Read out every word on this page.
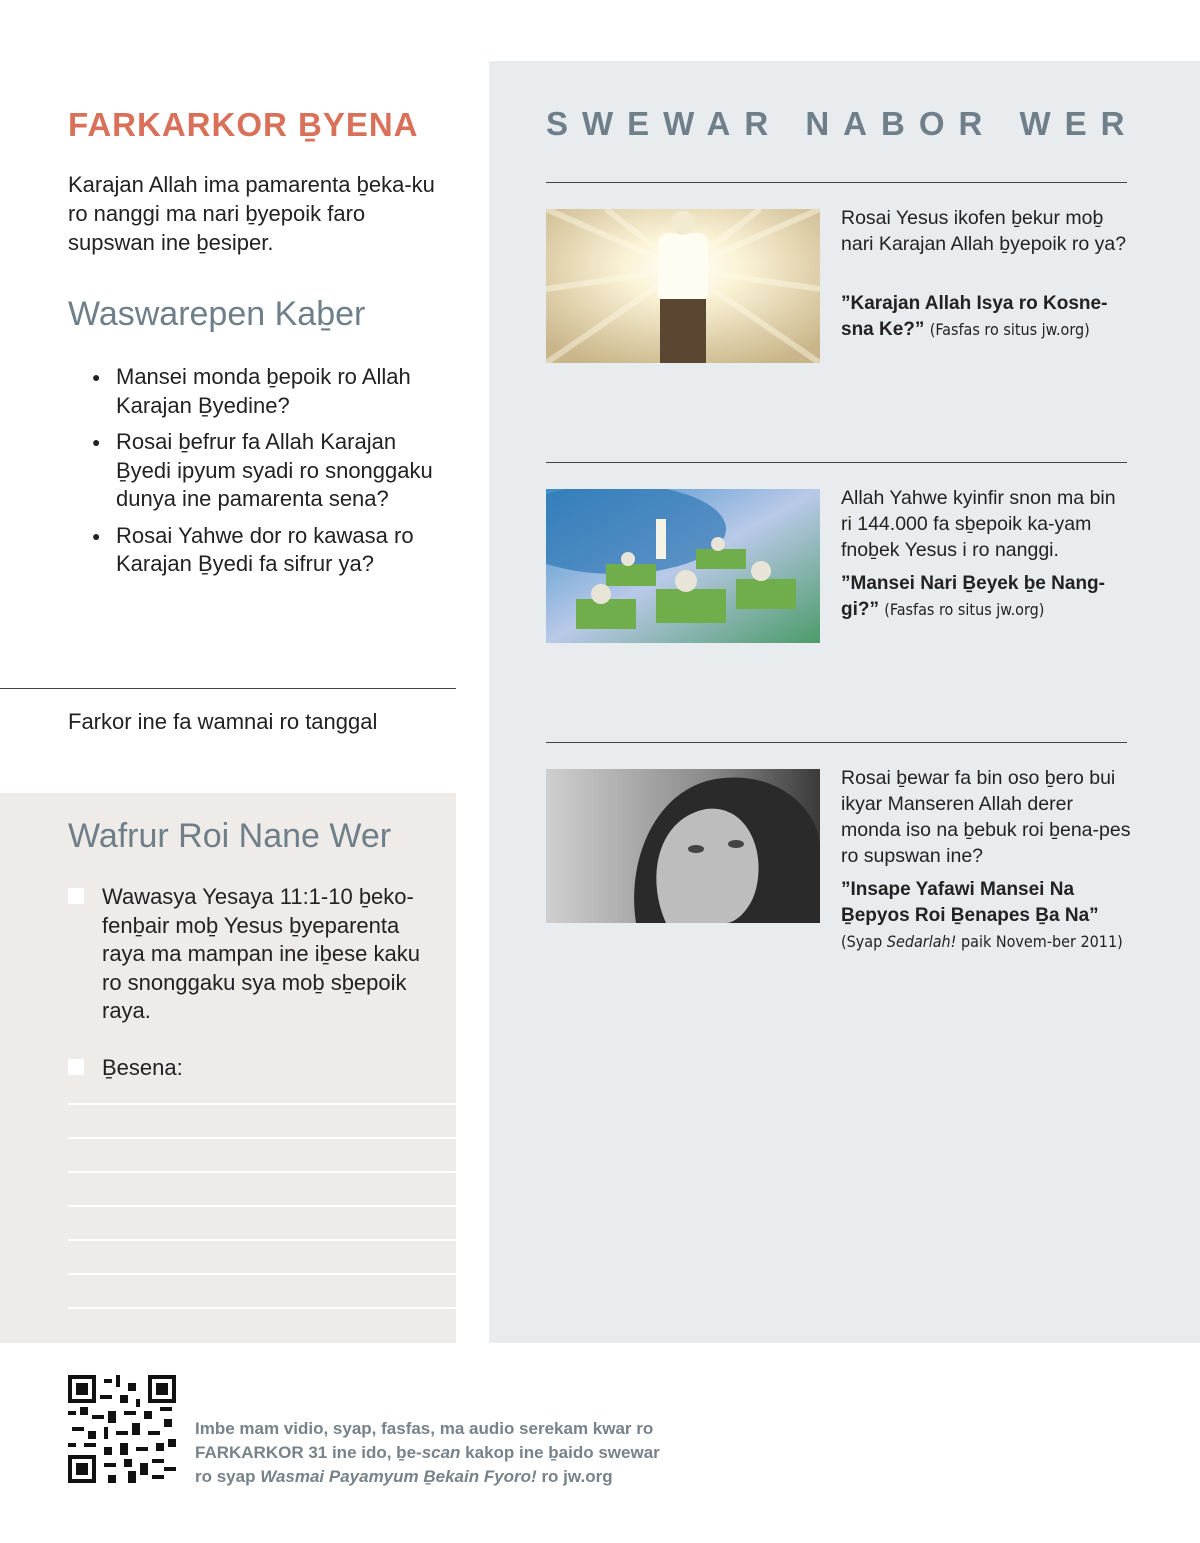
FARKARKOR ḆYENA

Karajan Allah ima pamarenta ḇeka-ku ro nanggi ma nari ḇyepoik faro supswan ine ḇesiper.

Waswarepen Kaḇer
● Mansei monda ḇepoik ro Allah Karajan Ḇyedine?
● Rosai ḇefrur fa Allah Karajan Ḇyedi ipyum syadi ro snonggaku dunya ine pamarenta sena?
● Rosai Yahwe dor ro kawasa ro Karajan Ḇyedi fa sifrur ya?

Farkor ine fa wamnai ro tanggal

Wafrur Roi Nane Wer
Wawasya Yesaya 11:1-10 ḇeko-fenḇair moḇ Yesus ḇyeparenta raya ma mampan ine iḇese kaku ro snonggaku sya moḇ sḇepoik raya.
Ḇesena:
SWEWAR NABOR WER

Rosai Yesus ikofen ḇekur moḇ nari Karajan Allah ḇyepoik ro ya?

”Karajan Allah Isya ro Kosne-sna Ke?” (Fasfas ro situs jw.org)

Allah Yahwe kyinfir snon ma bin ri 144.000 fa sḇepoik ka-yam fnoḇek Yesus i ro nanggi.

”Mansei Nari Ḇeyek ḇe Nang-gi?” (Fasfas ro situs jw.org)

Rosai ḇewar fa bin oso ḇero bui ikyar Manseren Allah derer monda iso na ḇebuk roi ḇena-pes ro supswan ine?

”Insape Yafawi Mansei Na Ḇepyos Roi Ḇenapes Ḇa Na”
(Syap Sedarlah! paik Novem-ber 2011)

Imbe mam vidio, syap, fasfas, ma audio serekam kwar ro
FARKARKOR 31 ine ido, ḇe-scan kakop ine ḇaido swewar
ro syap Wasmai Payamyum Ḇekain Fyoro! ro jw.org
